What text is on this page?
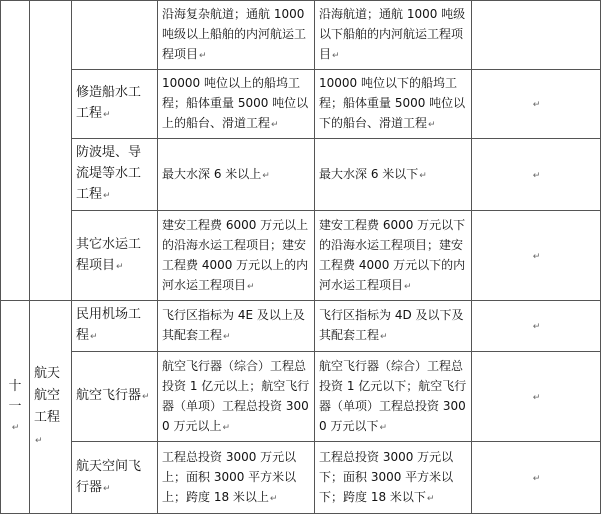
			沿海复杂航道；通航 1000 吨级以上船舶的内河航运工程项目↵	沿海航道；通航 1000 吨级以下船舶的内河航运工程项目↵	
		修造船水工工程↵	10000 吨位以上的船坞工程；船体重量 5000 吨位以上的船台、滑道工程↵	10000 吨位以下的船坞工程；船体重量 5000 吨位以下的船台、滑道工程↵	↵
		防波堤、导流堤等水工工程↵	最大水深 6 米以上↵	最大水深 6 米以下↵	↵
		其它水运工程项目↵	建安工程费 6000 万元以上的沿海水运工程项目；建安工程费 4000 万元以上的内河水运工程项目↵	建安工程费 6000 万元以下的沿海水运工程项目；建安工程费 4000 万元以下的内河水运工程项目↵	↵
十一↵	航天航空工程↵	民用机场工程↵	飞行区指标为 4E 及以上及其配套工程↵	飞行区指标为 4D 及以下及其配套工程↵	↵
		航空飞行器↵	航空飞行器（综合）工程总投资 1 亿元以上；航空飞行器（单项）工程总投资 3000 万元以上↵	航空飞行器（综合）工程总投资 1 亿元以下；航空飞行器（单项）工程总投资 3000 万元以下↵	↵
		航天空间飞行器↵	工程总投资 3000 万元以上；面积 3000 平方米以上；跨度 18 米以上↵	工程总投资 3000 万元以下；面积 3000 平方米以下；跨度 18 米以下↵	↵
